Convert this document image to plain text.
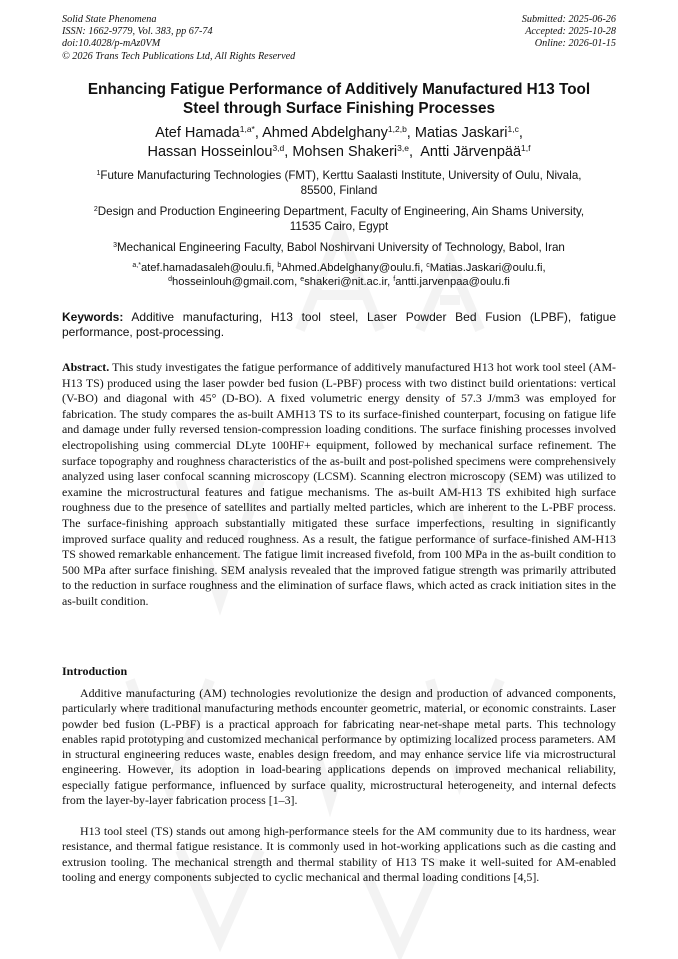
Solid State Phenomena
ISSN: 1662-9779, Vol. 383, pp 67-74
doi:10.4028/p-mAz0VM
© 2026 Trans Tech Publications Ltd, All Rights Reserved
Submitted: 2025-06-26
Accepted: 2025-10-28
Online: 2026-01-15
Enhancing Fatigue Performance of Additively Manufactured H13 Tool
Steel through Surface Finishing Processes
Atef Hamada$^{1,a*}$, Ahmed Abdelghany$^{1,2,b}$, Matias Jaskari$^{1,c}$,
Hassan Hosseinlou$^{3,d}$, Mohsen Shakeri$^{3,e}$,  Antti Järvenpää$^{1,f}$
$^1$Future Manufacturing Technologies (FMT), Kerttu Saalasti Institute, University of Oulu, Nivala,
85500, Finland
$^2$Design and Production Engineering Department, Faculty of Engineering, Ain Shams University,
11535 Cairo, Egypt
$^3$Mechanical Engineering Faculty, Babol Noshirvani University of Technology, Babol, Iran
$^{a,*}$atef.hamadasaleh@oulu.fi, $^b$Ahmed.Abdelghany@oulu.fi, $^c$Matias.Jaskari@oulu.fi,
$^d$hosseinlouh@gmail.com, $^e$shakeri@nit.ac.ir, $^f$antti.jarvenpaa@oulu.fi
Keywords: Additive manufacturing, H13 tool steel, Laser Powder Bed Fusion (LPBF), fatigue performance, post-processing.
Abstract. This study investigates the fatigue performance of additively manufactured H13 hot work tool steel (AM-H13 TS) produced using the laser powder bed fusion (L-PBF) process with two distinct build orientations: vertical (V-BO) and diagonal with 45° (D-BO). A fixed volumetric energy density of 57.3 J/mm3 was employed for fabrication. The study compares the as-built AMH13 TS to its surface-finished counterpart, focusing on fatigue life and damage under fully reversed tension-compression loading conditions. The surface finishing processes involved electropolishing using commercial DLyte 100HF+ equipment, followed by mechanical surface refinement. The surface topography and roughness characteristics of the as-built and post-polished specimens were comprehensively analyzed using laser confocal scanning microscopy (LCSM). Scanning electron microscopy (SEM) was utilized to examine the microstructural features and fatigue mechanisms. The as-built AM-H13 TS exhibited high surface roughness due to the presence of satellites and partially melted particles, which are inherent to the L-PBF process. The surface-finishing approach substantially mitigated these surface imperfections, resulting in significantly improved surface quality and reduced roughness. As a result, the fatigue performance of surface-finished AM-H13 TS showed remarkable enhancement. The fatigue limit increased fivefold, from 100 MPa in the as-built condition to 500 MPa after surface finishing. SEM analysis revealed that the improved fatigue strength was primarily attributed to the reduction in surface roughness and the elimination of surface flaws, which acted as crack initiation sites in the as-built condition.
Introduction
Additive manufacturing (AM) technologies revolutionize the design and production of advanced components, particularly where traditional manufacturing methods encounter geometric, material, or economic constraints. Laser powder bed fusion (L-PBF) is a practical approach for fabricating near-net-shape metal parts. This technology enables rapid prototyping and customized mechanical performance by optimizing localized process parameters. AM in structural engineering reduces waste, enables design freedom, and may enhance service life via microstructural engineering. However, its adoption in load-bearing applications depends on improved mechanical reliability, especially fatigue performance, influenced by surface quality, microstructural heterogeneity, and internal defects from the layer-by-layer fabrication process [1–3].
H13 tool steel (TS) stands out among high-performance steels for the AM community due to its hardness, wear resistance, and thermal fatigue resistance. It is commonly used in hot-working applications such as die casting and extrusion tooling. The mechanical strength and thermal stability of H13 TS make it well-suited for AM-enabled tooling and energy components subjected to cyclic mechanical and thermal loading conditions [4,5].
